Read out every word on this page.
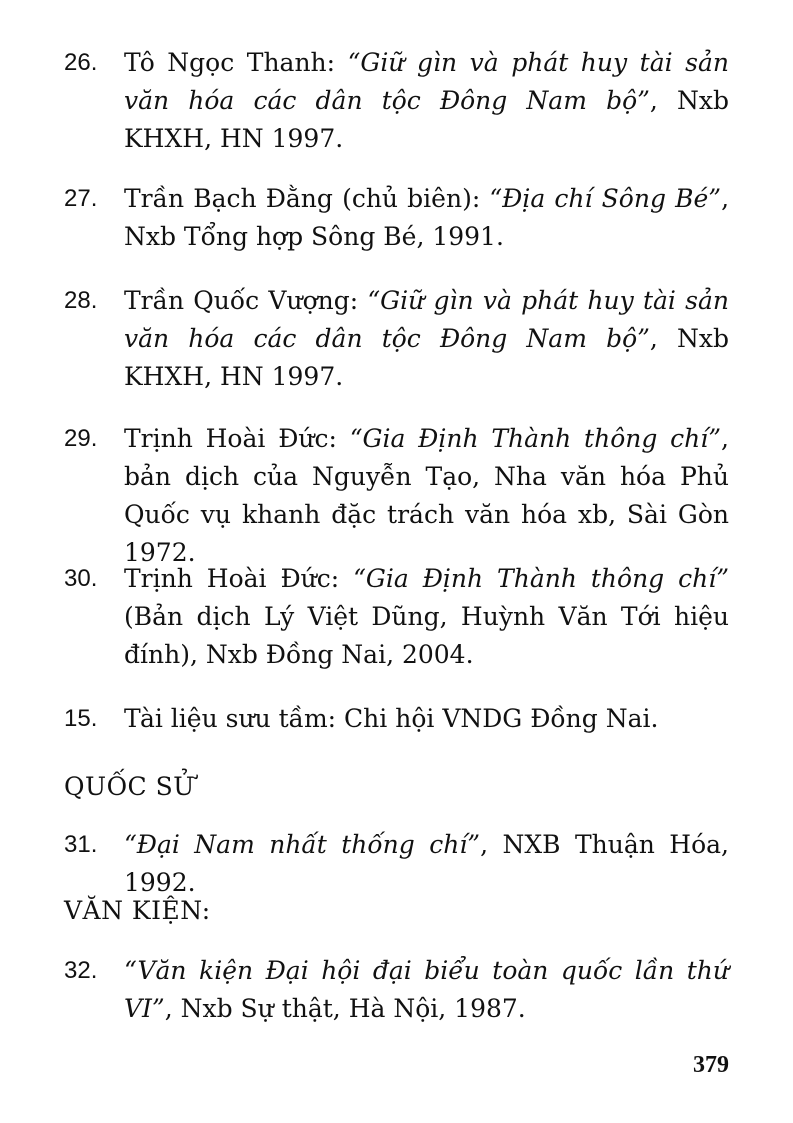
26.	Tô Ngọc Thanh: “Giữ gìn và phát huy tài sản văn hóa các dân tộc Đông Nam bộ”, Nxb KHXH, HN 1997.
27.	Trần Bạch Đằng (chủ biên): “Địa chí Sông Bé”, Nxb Tổng hợp Sông Bé, 1991.
28.	Trần Quốc Vượng: “Giữ gìn và phát huy tài sản văn hóa các dân tộc Đông Nam bộ”, Nxb KHXH, HN 1997.
29.	Trịnh Hoài Đức: “Gia Định Thành thông chí”, bản dịch của Nguyễn Tạo, Nha văn hóa Phủ Quốc vụ khanh đặc trách văn hóa xb, Sài Gòn 1972.
30.	Trịnh Hoài Đức: “Gia Định Thành thông chí” (Bản dịch Lý Việt Dũng, Huỳnh Văn Tới hiệu đính), Nxb Đồng Nai, 2004.
15.	Tài liệu sưu tầm: Chi hội VNDG Đồng Nai.
QUỐC SỬ
31.	“Đại Nam nhất thống chí”, NXB Thuận Hóa, 1992.
VĂN KIỆN:
32.	“Văn kiện Đại hội đại biểu toàn quốc lần thứ VI”, Nxb Sự thật, Hà Nội, 1987.
379
